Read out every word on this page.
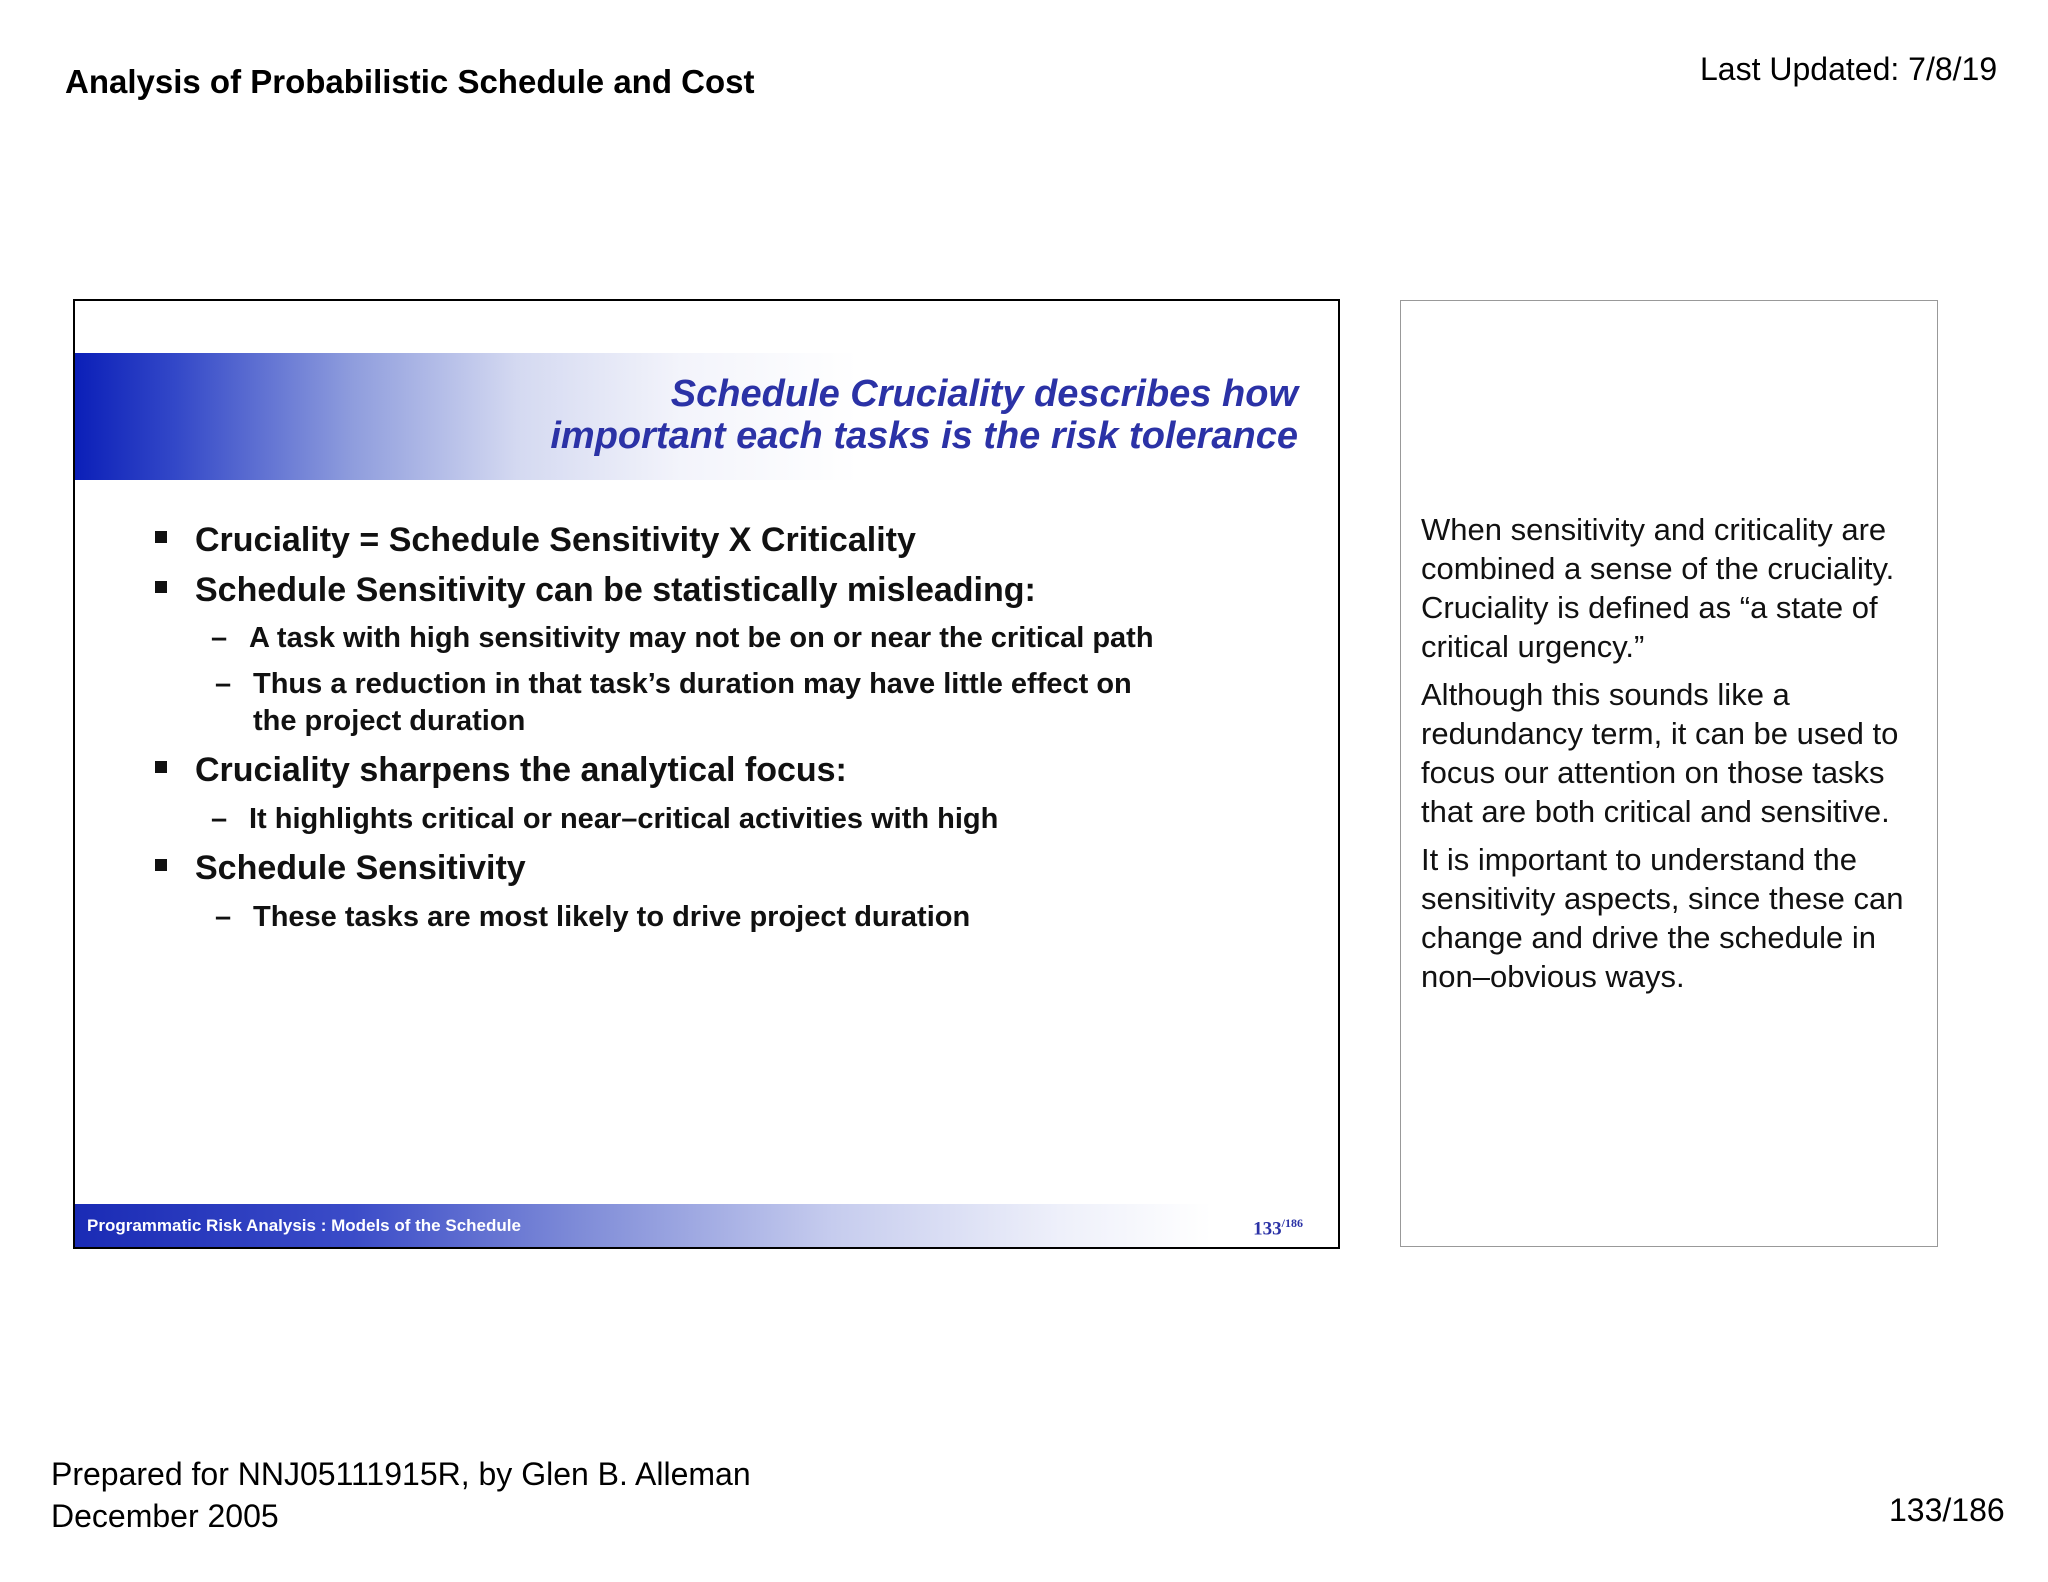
Analysis of Probabilistic Schedule and Cost	Last Updated: 7/8/19
Schedule Cruciality describes how
important each tasks is the risk tolerance
Cruciality = Schedule Sensitivity X Criticality
Schedule Sensitivity can be statistically misleading:
– A task with high sensitivity may not be on or near the critical path
– Thus a reduction in that task’s duration may have little effect on
the project duration
Cruciality sharpens the analytical focus:
– It highlights critical or near–critical activities with high
Schedule Sensitivity
– These tasks are most likely to drive project duration
Programmatic Risk Analysis : Models of the Schedule	$133^{/186}$

When sensitivity and criticality are combined a sense of the cruciality. Cruciality is defined as “a state of critical urgency.”

Although this sounds like a redundancy term, it can be used to focus our attention on those tasks that are both critical and sensitive.

It is important to understand the sensitivity aspects, since these can change and drive the schedule in non–obvious ways.

Prepared for NNJ05111915R, by Glen B. Alleman
December 2005	133/186
